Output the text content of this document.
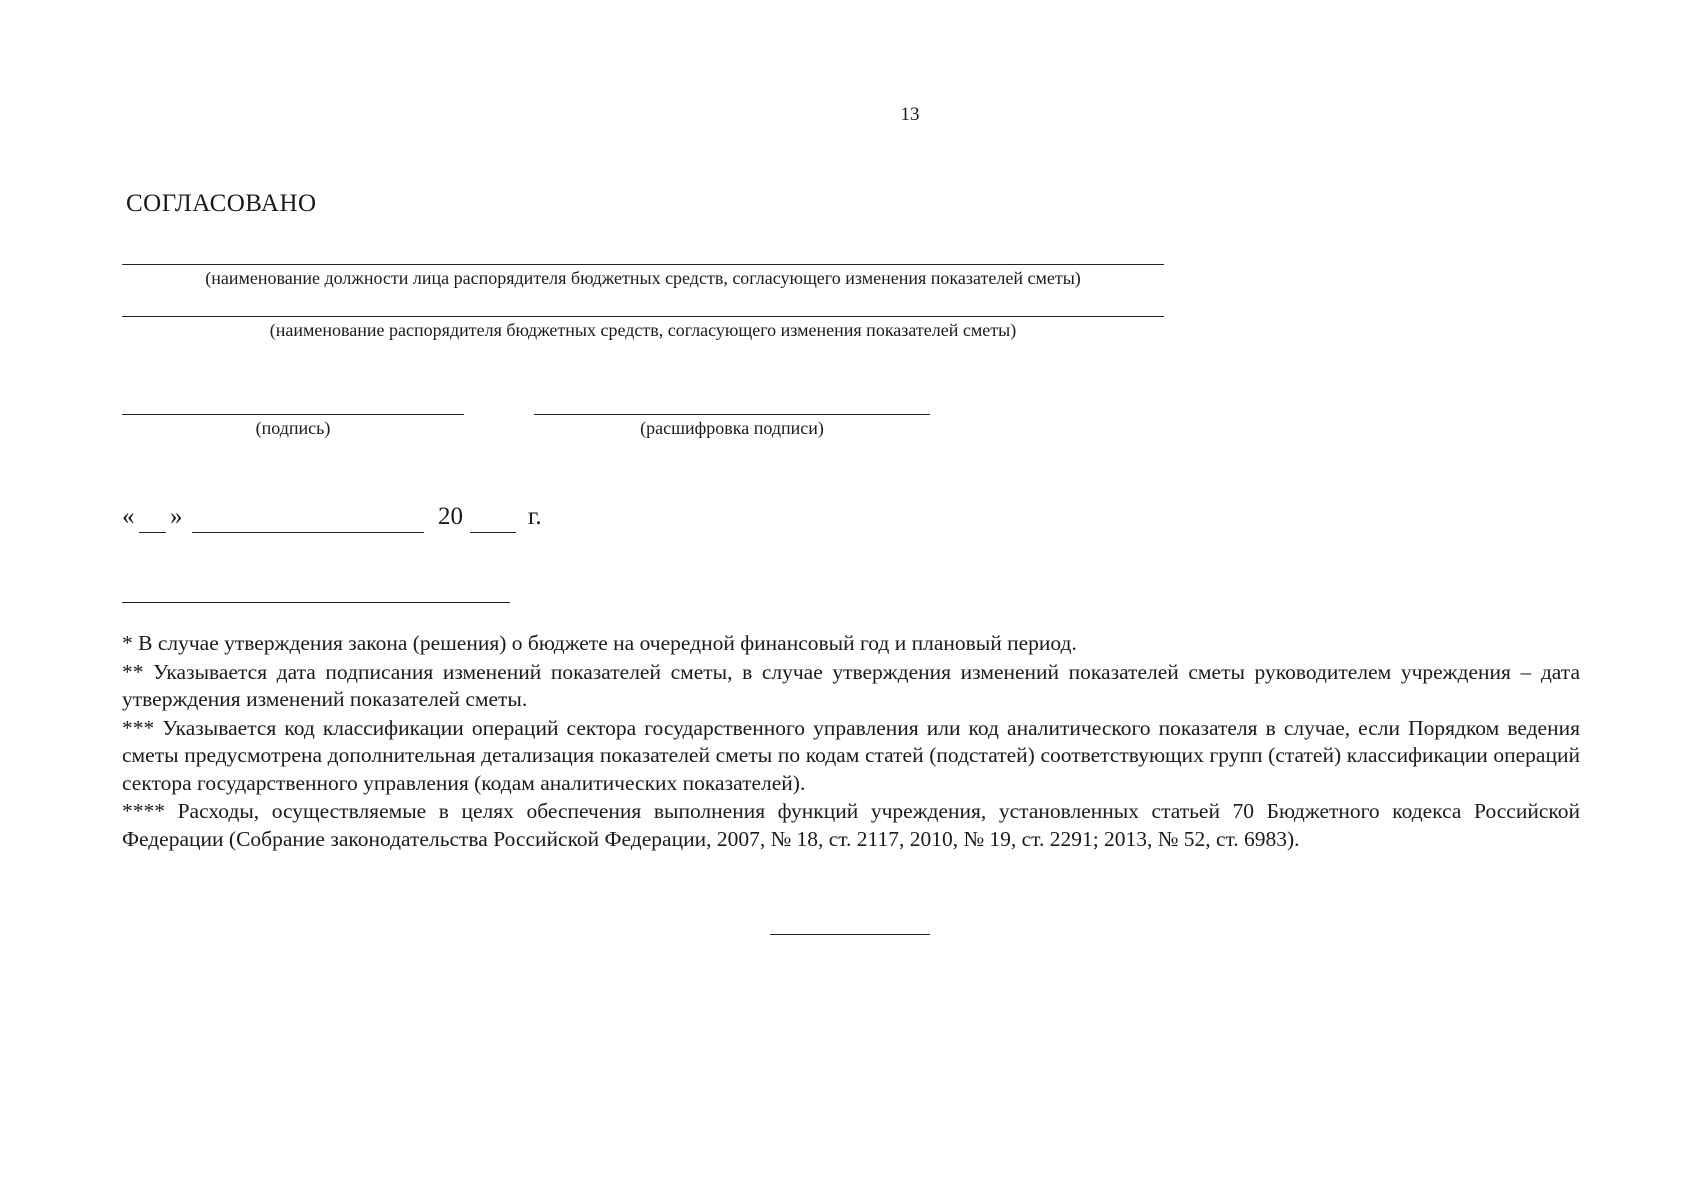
13
СОГЛАСОВАНО
(наименование должности лица распорядителя бюджетных средств, согласующего изменения показателей сметы)
(наименование распорядителя бюджетных средств, согласующего изменения показателей сметы)
(подпись)	(расшифровка подписи)
« »	20	г.

* В случае утверждения закона (решения) о бюджете на очередной финансовый год и плановый период.

** Указывается дата подписания изменений показателей сметы, в случае утверждения изменений показателей сметы руководителем учреждения – дата утверждения изменений показателей сметы.

*** Указывается код классификации операций сектора государственного управления или код аналитического показателя в случае, если Порядком ведения сметы предусмотрена дополнительная детализация показателей сметы по кодам статей (подстатей) соответствующих групп (статей) классификации операций сектора государственного управления (кодам аналитических показателей).

**** Расходы, осуществляемые в целях обеспечения выполнения функций учреждения, установленных статьей 70 Бюджетного кодекса Российской Федерации (Собрание законодательства Российской Федерации, 2007, № 18, ст. 2117, 2010, № 19, ст. 2291; 2013, № 52, ст. 6983).
